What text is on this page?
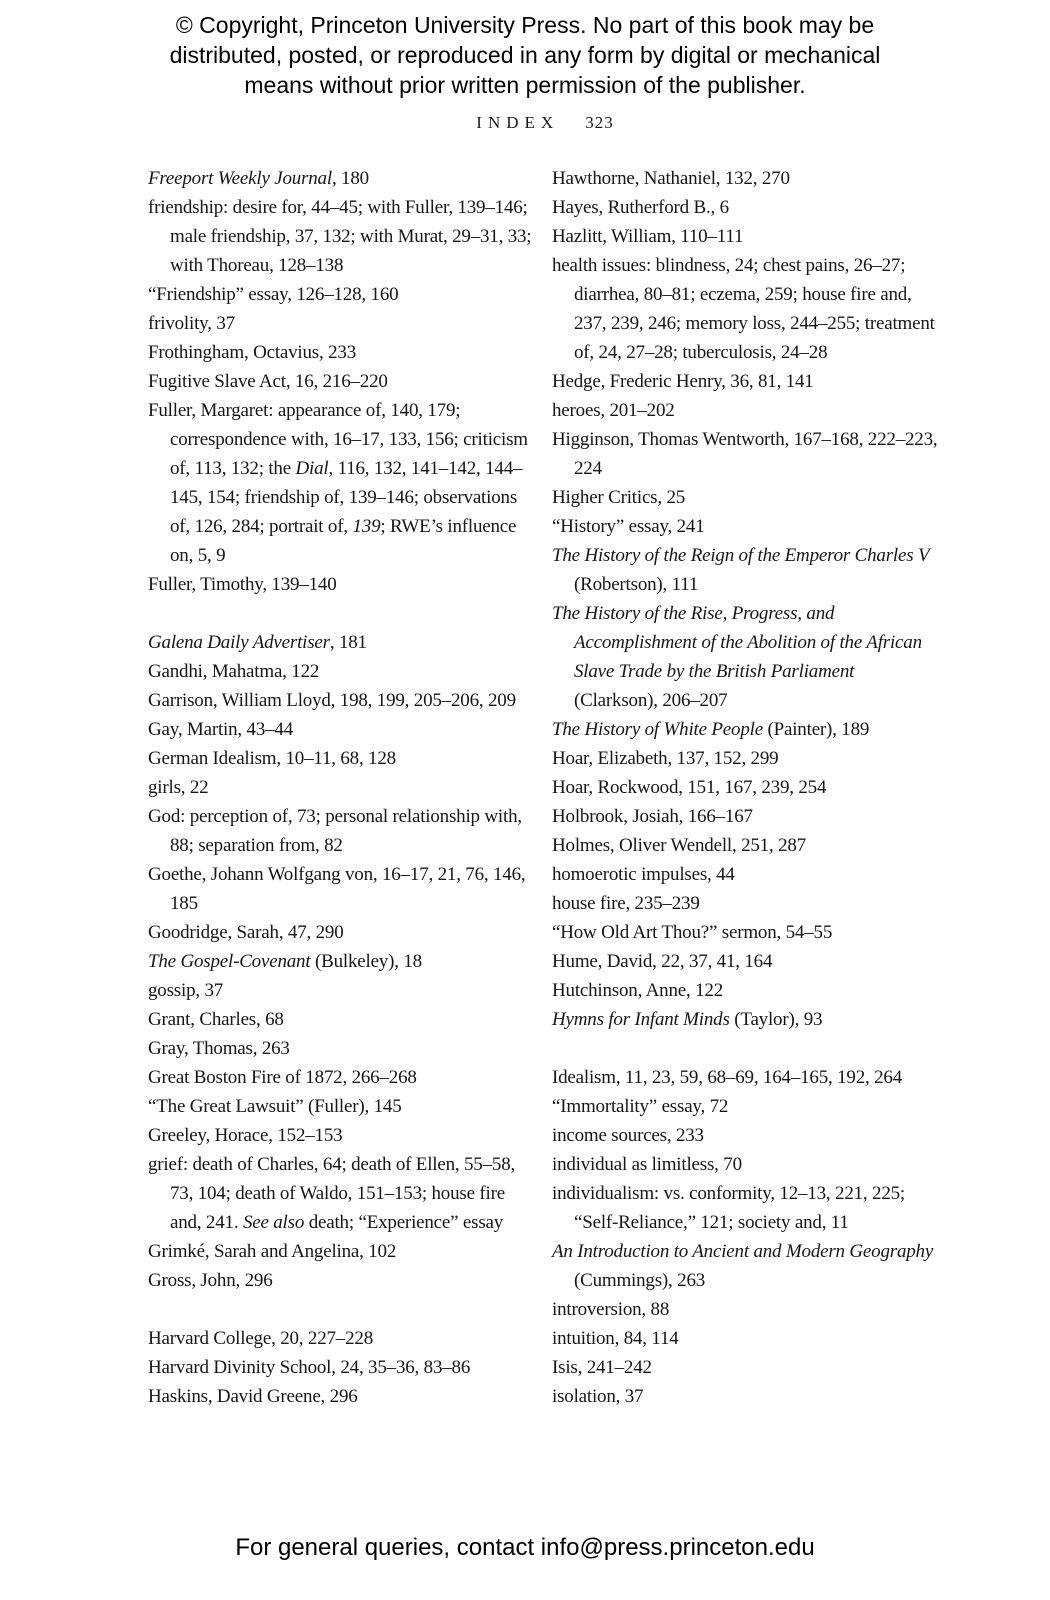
© Copyright, Princeton University Press. No part of this book may be
distributed, posted, or reproduced in any form by digital or mechanical
means without prior written permission of the publisher.
INDEX 323
Freeport Weekly Journal, 180
friendship: desire for, 44–45; with Fuller, 139–146; male friendship, 37, 132; with Murat, 29–31, 33; with Thoreau, 128–138
“Friendship” essay, 126–128, 160
frivolity, 37
Frothingham, Octavius, 233
Fugitive Slave Act, 16, 216–220
Fuller, Margaret: appearance of, 140, 179; correspondence with, 16–17, 133, 156; criticism of, 113, 132; the Dial, 116, 132, 141–142, 144–145, 154; friendship of, 139–146; observations of, 126, 284; portrait of, 139; RWE’s influence on, 5, 9
Fuller, Timothy, 139–140
Galena Daily Advertiser, 181
Gandhi, Mahatma, 122
Garrison, William Lloyd, 198, 199, 205–206, 209
Gay, Martin, 43–44
German Idealism, 10–11, 68, 128
girls, 22
God: perception of, 73; personal relationship with, 88; separation from, 82
Goethe, Johann Wolfgang von, 16–17, 21, 76, 146, 185
Goodridge, Sarah, 47, 290
The Gospel-Covenant (Bulkeley), 18
gossip, 37
Grant, Charles, 68
Gray, Thomas, 263
Great Boston Fire of 1872, 266–268
“The Great Lawsuit” (Fuller), 145
Greeley, Horace, 152–153
grief: death of Charles, 64; death of Ellen, 55–58, 73, 104; death of Waldo, 151–153; house fire and, 241. See also death; “Experience” essay
Grimké, Sarah and Angelina, 102
Gross, John, 296
Harvard College, 20, 227–228
Harvard Divinity School, 24, 35–36, 83–86
Haskins, David Greene, 296
Hawthorne, Nathaniel, 132, 270
Hayes, Rutherford B., 6
Hazlitt, William, 110–111
health issues: blindness, 24; chest pains, 26–27; diarrhea, 80–81; eczema, 259; house fire and, 237, 239, 246; memory loss, 244–255; treatment of, 24, 27–28; tuberculosis, 24–28
Hedge, Frederic Henry, 36, 81, 141
heroes, 201–202
Higginson, Thomas Wentworth, 167–168, 222–223, 224
Higher Critics, 25
“History” essay, 241
The History of the Reign of the Emperor Charles V (Robertson), 111
The History of the Rise, Progress, and Accomplishment of the Abolition of the African Slave Trade by the British Parliament (Clarkson), 206–207
The History of White People (Painter), 189
Hoar, Elizabeth, 137, 152, 299
Hoar, Rockwood, 151, 167, 239, 254
Holbrook, Josiah, 166–167
Holmes, Oliver Wendell, 251, 287
homoerotic impulses, 44
house fire, 235–239
“How Old Art Thou?” sermon, 54–55
Hume, David, 22, 37, 41, 164
Hutchinson, Anne, 122
Hymns for Infant Minds (Taylor), 93
Idealism, 11, 23, 59, 68–69, 164–165, 192, 264
“Immortality” essay, 72
income sources, 233
individual as limitless, 70
individualism: vs. conformity, 12–13, 221, 225; “Self-Reliance,” 121; society and, 11
An Introduction to Ancient and Modern Geography (Cummings), 263
introversion, 88
intuition, 84, 114
Isis, 241–242
isolation, 37
For general queries, contact info@press.princeton.edu
